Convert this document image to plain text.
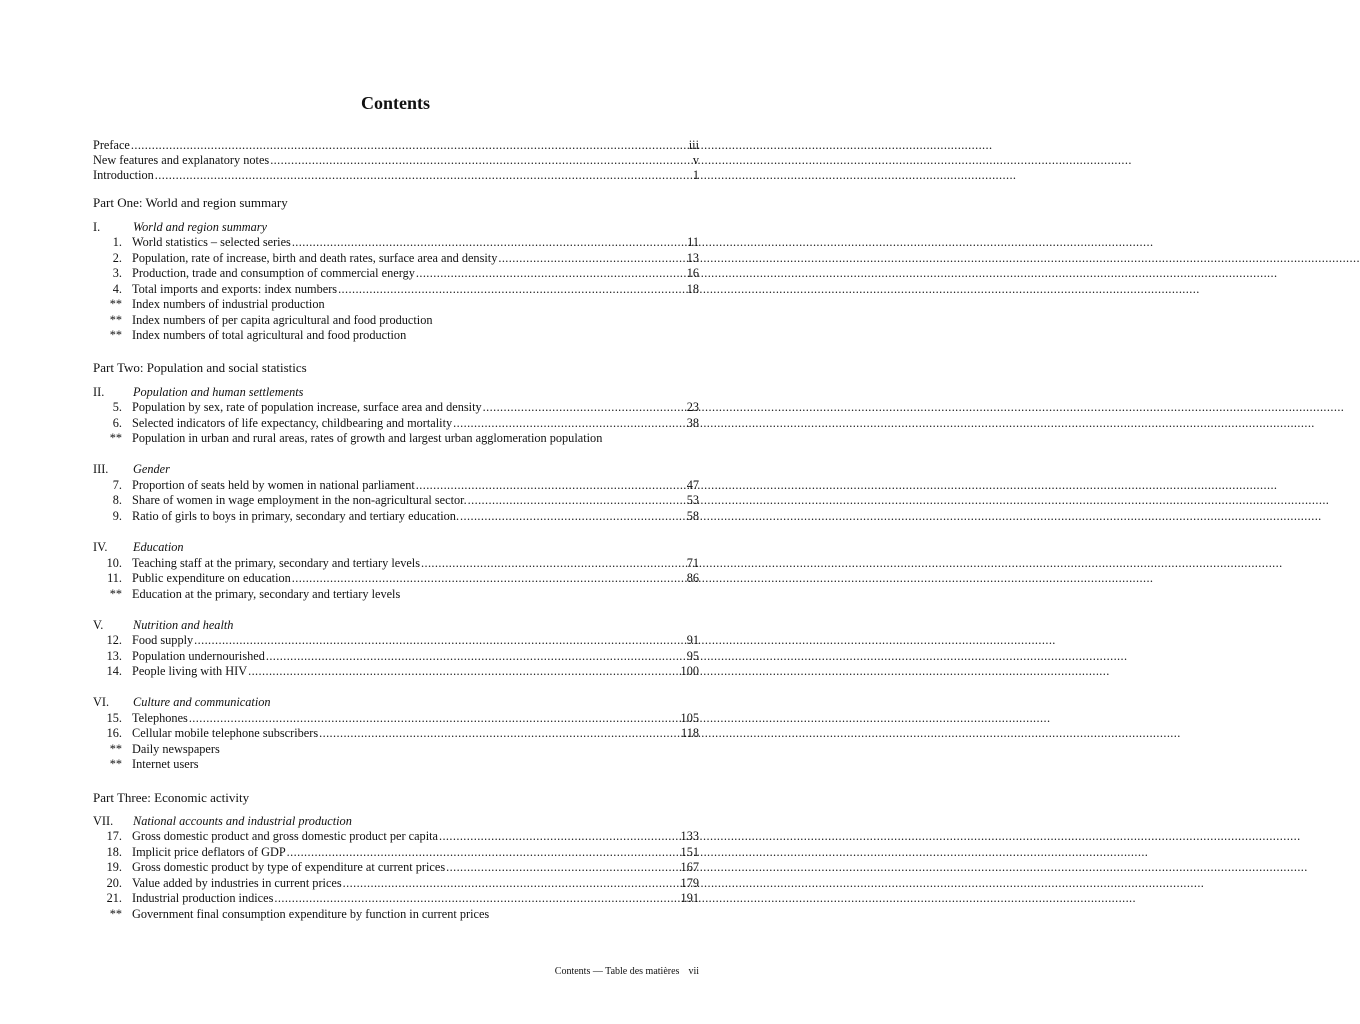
Contents
Preface .....	iii
New features and explanatory notes .....	v
Introduction .....	1
Part One: World and region summary
I.	World and region summary
1. World statistics – selected series .....	11
2. Population, rate of increase, birth and death rates, surface area and density .....	13
3. Production, trade and consumption of commercial energy .....	16
4. Total imports and exports: index numbers .....	18
** Index numbers of industrial production
** Index numbers of per capita agricultural and food production
** Index numbers of total agricultural and food production
Part Two: Population and social statistics
II.	Population and human settlements
5. Population by sex, rate of population increase, surface area and density .....	23
6. Selected indicators of life expectancy, childbearing and mortality .....	38
** Population in urban and rural areas, rates of growth and largest urban agglomeration population
III.	Gender
7. Proportion of seats held by women in national parliament .....	47
8. Share of women in wage employment in the non-agricultural sector. .....	53
9. Ratio of girls to boys in primary, secondary and tertiary education. .....	58
IV.	Education
10. Teaching staff at the primary, secondary and tertiary levels .....	71
11. Public expenditure on education .....	86
** Education at the primary, secondary and tertiary levels
V.	Nutrition and health
12. Food supply .....	91
13. Population undernourished .....	95
14. People living with HIV .....	100
VI.	Culture and communication
15. Telephones .....	105
16. Cellular mobile telephone subscribers .....	118
** Daily newspapers
** Internet users
Part Three: Economic activity
VII.	National accounts and industrial production
17. Gross domestic product and gross domestic product per capita .....	133
18. Implicit price deflators of GDP .....	151
19. Gross domestic product by type of expenditure at current prices .....	167
20. Value added by industries in current prices .....	179
21. Industrial production indices .....	191
** Government final consumption expenditure by function in current prices
Contents — Table des matières vii
